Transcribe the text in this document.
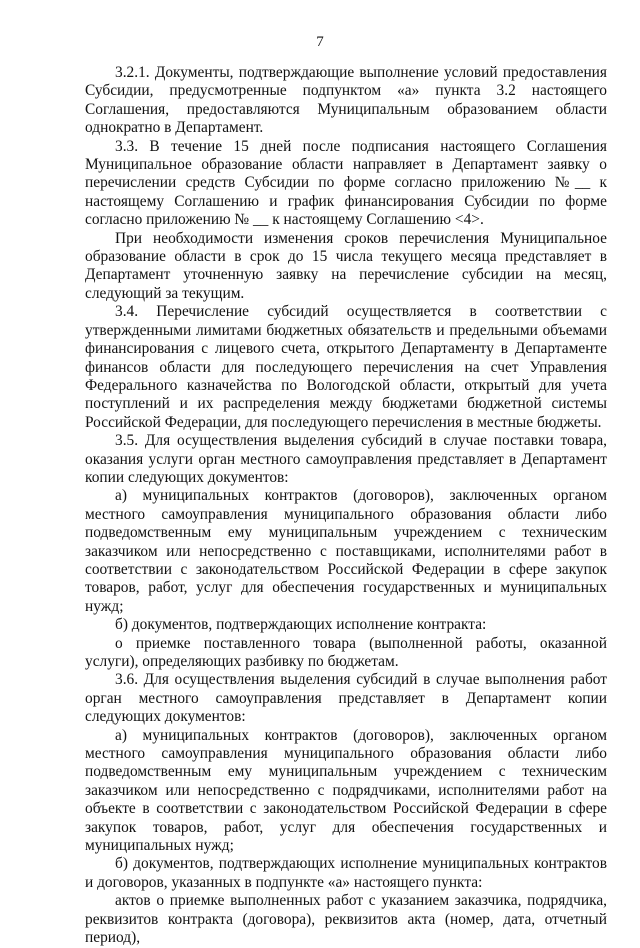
7

3.2.1. Документы, подтверждающие выполнение условий предоставления Субсидии, предусмотренные подпунктом «а» пункта 3.2 настоящего Соглашения, предоставляются Муниципальным образованием области однократно в Департамент.

3.3. В течение 15 дней после подписания настоящего Соглашения Муниципальное образование области направляет в Департамент заявку о перечислении средств Субсидии по форме согласно приложению №__ к настоящему Соглашению и график финансирования Субсидии по форме согласно приложению № __ к настоящему Соглашению <4>.

При необходимости изменения сроков перечисления Муниципальное образование области в срок до 15 числа текущего месяца представляет в Департамент уточненную заявку на перечисление субсидии на месяц, следующий за текущим.

3.4. Перечисление субсидий осуществляется в соответствии с утвержденными лимитами бюджетных обязательств и предельными объемами финансирования с лицевого счета, открытого Департаменту в Департаменте финансов области для последующего перечисления на счет Управления Федерального казначейства по Вологодской области, открытый для учета поступлений и их распределения между бюджетами бюджетной системы Российской Федерации, для последующего перечисления в местные бюджеты.

3.5. Для осуществления выделения субсидий в случае поставки товара, оказания услуги орган местного самоуправления представляет в Департамент копии следующих документов:

а) муниципальных контрактов (договоров), заключенных органом местного самоуправления муниципального образования области либо подведомственным ему муниципальным учреждением с техническим заказчиком или непосредственно с поставщиками, исполнителями работ в соответствии с законодательством Российской Федерации в сфере закупок товаров, работ, услуг для обеспечения государственных и муниципальных нужд;

б) документов, подтверждающих исполнение контракта:

о приемке поставленного товара (выполненной работы, оказанной услуги), определяющих разбивку по бюджетам.

3.6. Для осуществления выделения субсидий в случае выполнения работ орган местного самоуправления представляет в Департамент копии следующих документов:

а) муниципальных контрактов (договоров), заключенных органом местного самоуправления муниципального образования области либо подведомственным ему муниципальным учреждением с техническим заказчиком или непосредственно с подрядчиками, исполнителями работ на объекте в соответствии с законодательством Российской Федерации в сфере закупок товаров, работ, услуг для обеспечения государственных и муниципальных нужд;

б) документов, подтверждающих исполнение муниципальных контрактов и договоров, указанных в подпункте «а» настоящего пункта:

актов о приемке выполненных работ с указанием заказчика, подрядчика, реквизитов контракта (договора), реквизитов акта (номер, дата, отчетный период),
